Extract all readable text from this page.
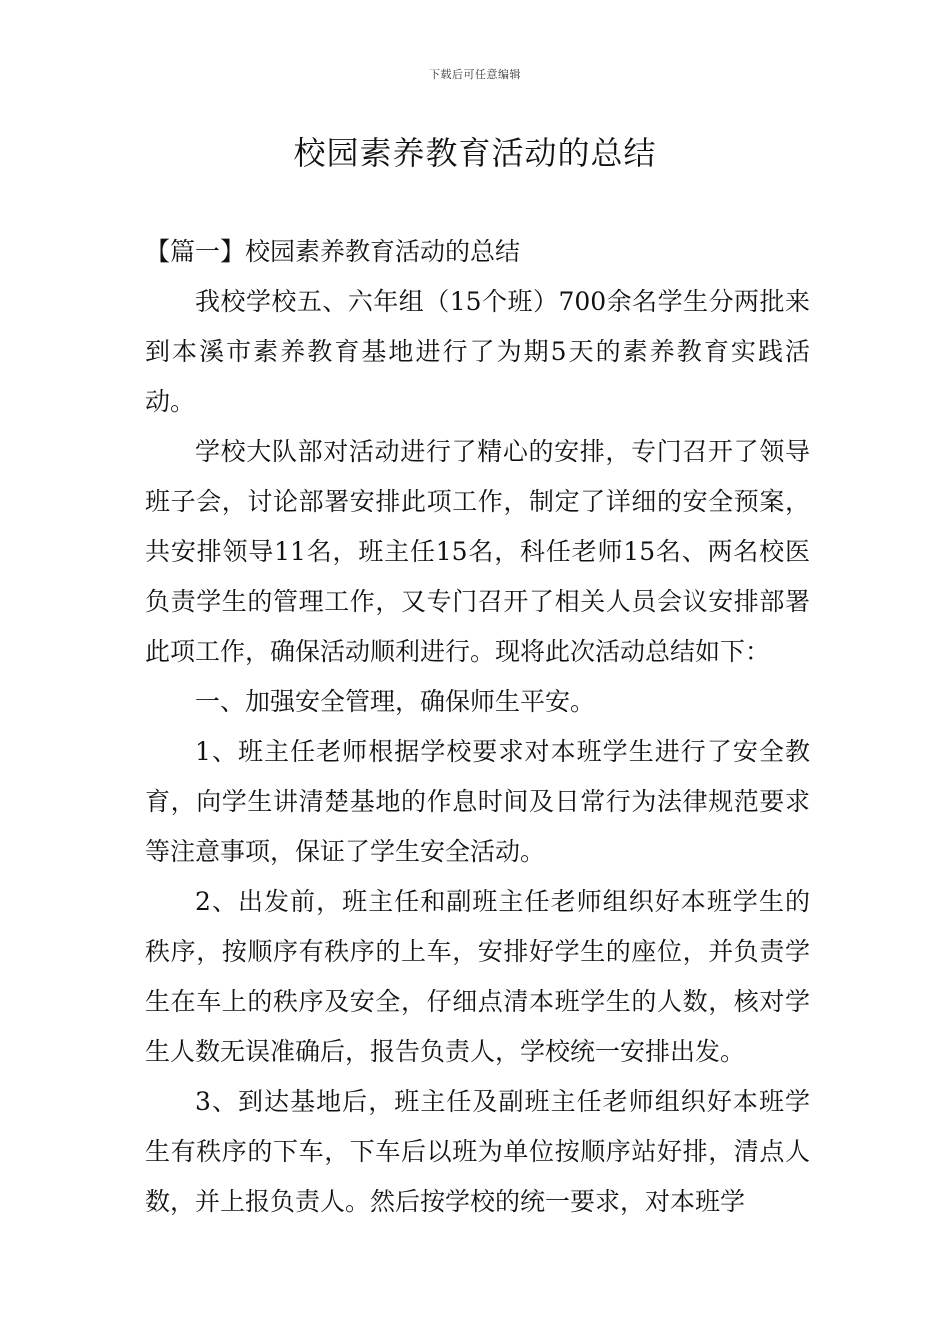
下载后可任意编辑
校园素养教育活动的总结

【篇一】校园素养教育活动的总结

我校学校五、六年组（15个班）700余名学生分两批来到本溪市素养教育基地进行了为期5天的素养教育实践活动。

学校大队部对活动进行了精心的安排，专门召开了领导班子会，讨论部署安排此项工作，制定了详细的安全预案，共安排领导11名，班主任15名，科任老师15名、两名校医负责学生的管理工作，又专门召开了相关人员会议安排部署此项工作，确保活动顺利进行。现将此次活动总结如下：

一、加强安全管理，确保师生平安。

1、班主任老师根据学校要求对本班学生进行了安全教育，向学生讲清楚基地的作息时间及日常行为法律规范要求等注意事项，保证了学生安全活动。

2、出发前，班主任和副班主任老师组织好本班学生的秩序，按顺序有秩序的上车，安排好学生的座位，并负责学生在车上的秩序及安全，仔细点清本班学生的人数，核对学生人数无误准确后，报告负责人，学校统一安排出发。

3、到达基地后，班主任及副班主任老师组织好本班学生有秩序的下车，下车后以班为单位按顺序站好排，清点人数，并上报负责人。然后按学校的统一要求，对本班学
